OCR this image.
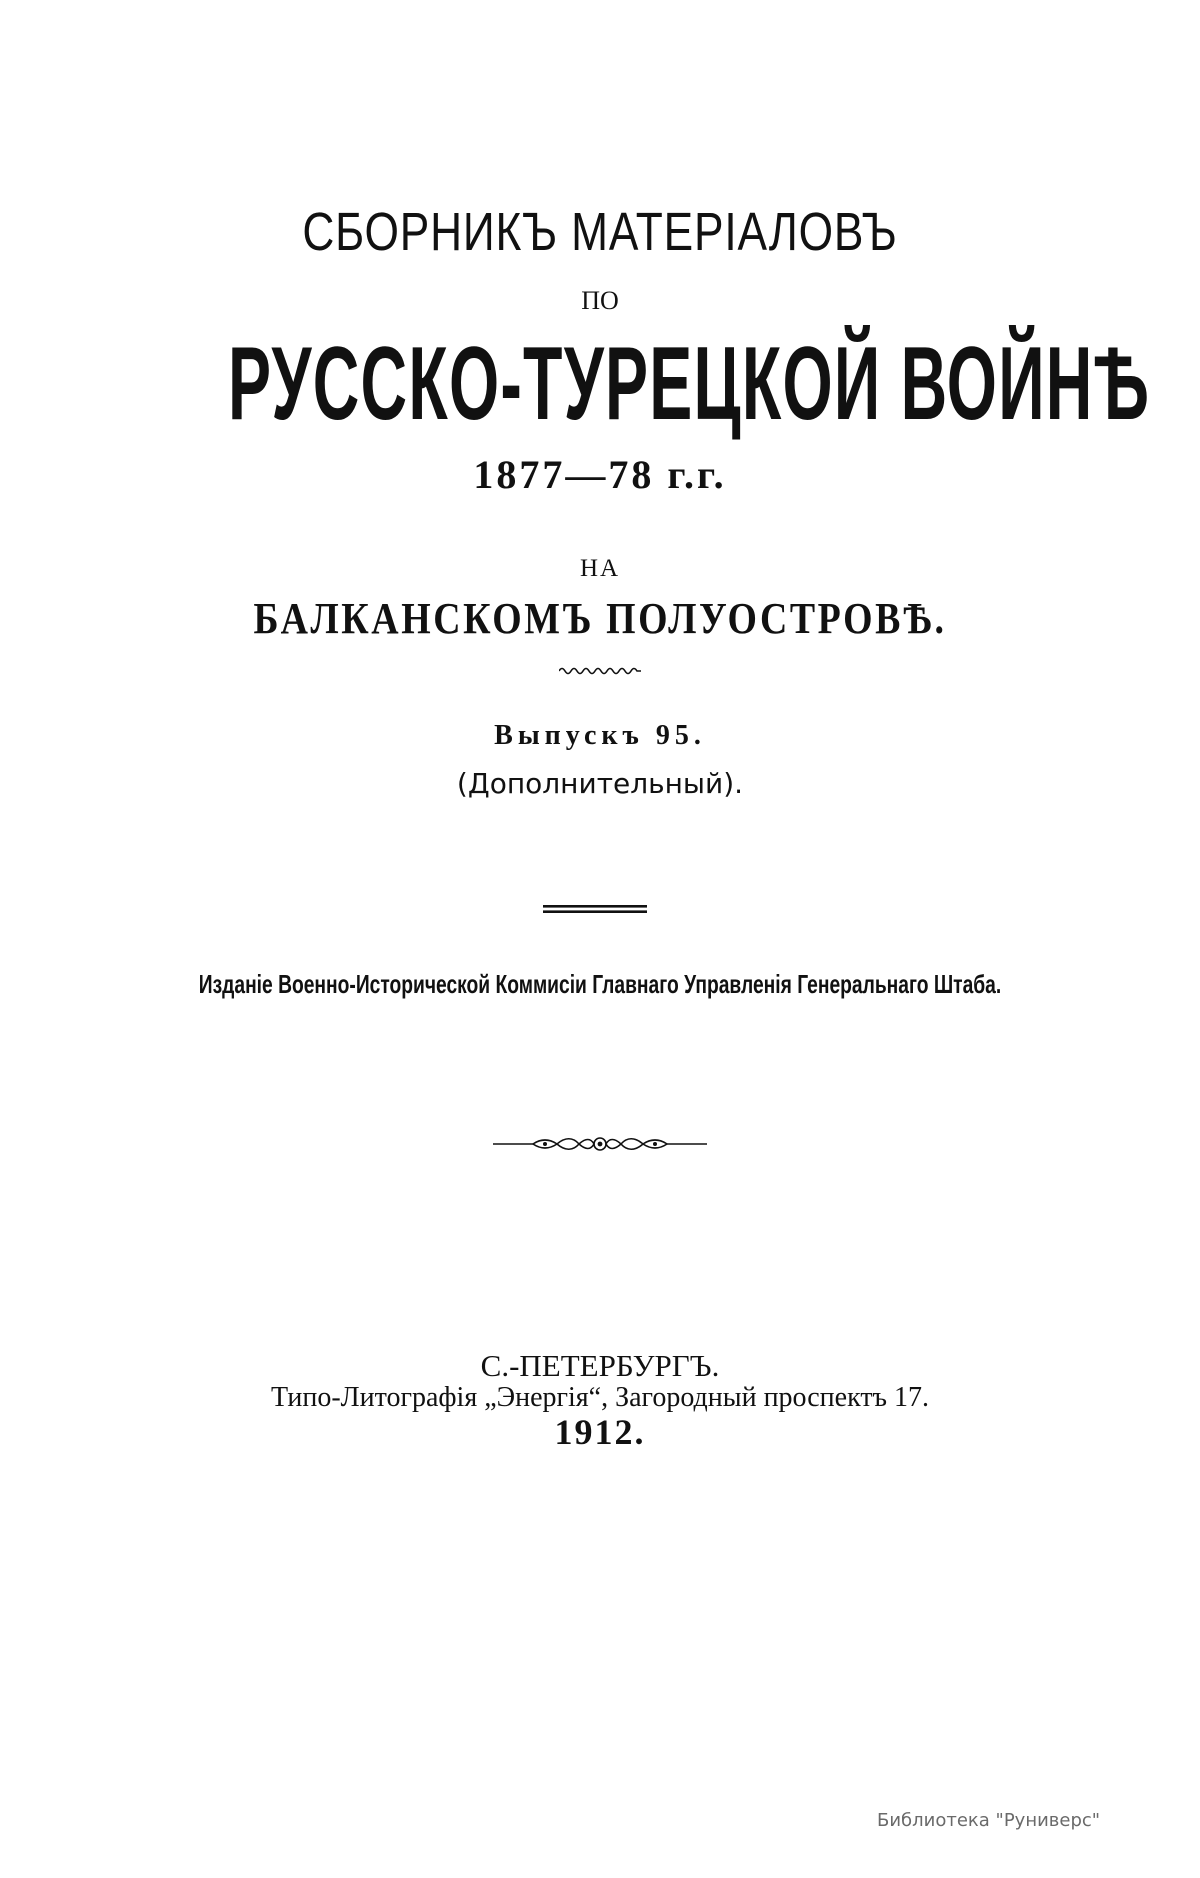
СБОРНИКЪ МАТЕРІАЛОВЪ
ПО
РУССКО-ТУРЕЦКОЙ ВОЙНѢ
1877—78 г.г.
НА
БАЛКАНСКОМЪ ПОЛУОСТРОВѢ.
Выпускъ 95.
(Дополнительный).
Изданіе Военно-Исторической Коммисіи Главнаго Управленія Генеральнаго Штаба.
С.-ПЕТЕРБУРГЪ.
Типо-Литографія „Энергія“, Загородный проспектъ 17.
1912.
Библиотека "Руниверс"
